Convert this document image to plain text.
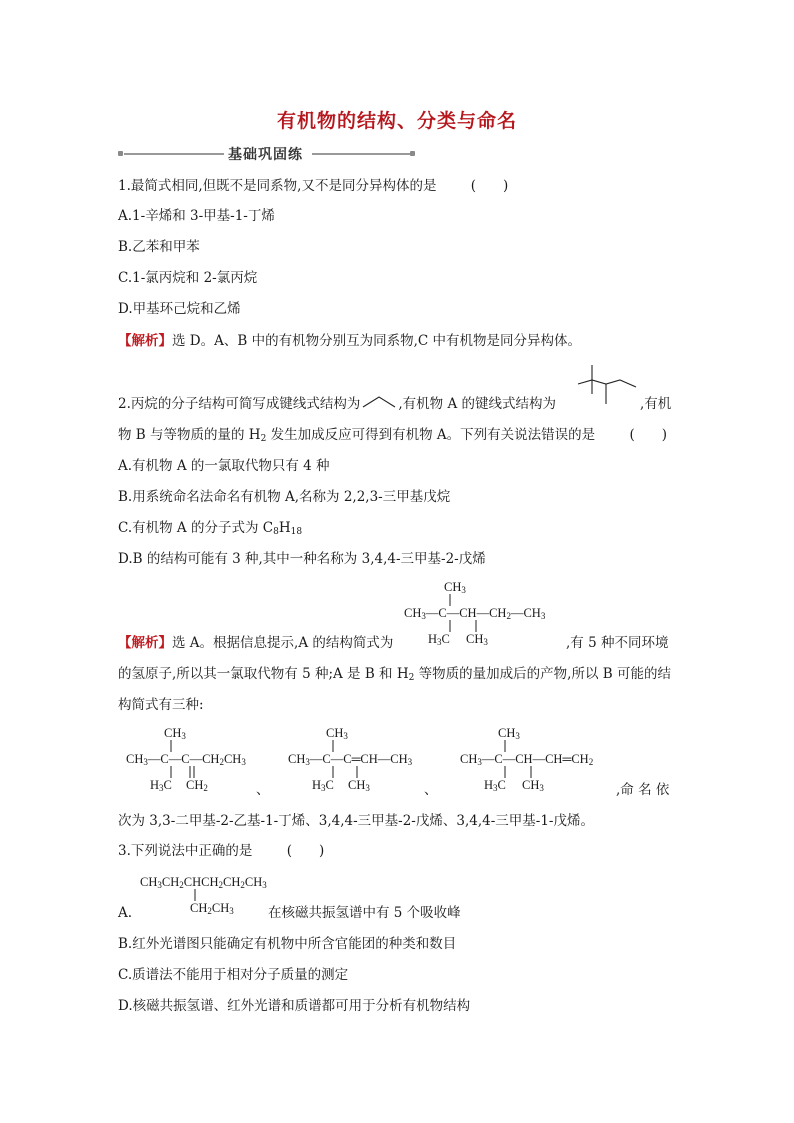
有机物的结构、分类与命名
基础巩固练
1.最简式相同,但既不是同系物,又不是同分异构体的是	(　　)
A.1-辛烯和 3-甲基-1-丁烯
B.乙苯和甲苯
C.1-氯丙烷和 2-氯丙烷
D.甲基环己烷和乙烯
【解析】选 D。A、B 中的有机物分别互为同系物,C 中有机物是同分异构体。
2.丙烷的分子结构可简写成键线式结构为	,有机物 A 的键线式结构为	,有机
物 B 与等物质的量的 $H_2$ 发生加成反应可得到有机物 A。下列有关说法错误的是	(　　)
A.有机物 A 的一氯取代物只有 4 种
B.用系统命名法命名有机物 A,名称为 2,2,3-三甲基戊烷
C.有机物 A 的分子式为 $C_8H_{18}$
D.B 的结构可能有 3 种,其中一种名称为 3,4,4-三甲基-2-戊烯
$CH_3$
$CH_3—C—CH—CH_2—CH_3$
$H_3C$ $CH_3$
【解析】选 A。根据信息提示,A 的结构简式为	,有 5 种不同环境
的氢原子,所以其一氯取代物有 5 种;A 是 B 和 $H_2$ 等物质的量加成后的产物,所以 B 可能的结
构简式有三种:
$CH_3$
$CH_3—C—C—CH_2CH_3$
$H_3C$ $CH_2$	、
$CH_3$
$CH_3—C—C═CH—CH_3$
$H_3C$ $CH_3$	、
$CH_3$
$CH_3—C—CH—CH═CH_2$
$H_3C$ $CH_3$	,命 名 依
次为 3,3-二甲基-2-乙基-1-丁烯、3,4,4-三甲基-2-戊烯、3,4,4-三甲基-1-戊烯。
3.下列说法中正确的是	(　　)
$CH_3CH_2CHCH_2CH_2CH_3$
A.	$CH_2CH_3$	在核磁共振氢谱中有 5 个吸收峰
B.红外光谱图只能确定有机物中所含官能团的种类和数目
C.质谱法不能用于相对分子质量的测定
D.核磁共振氢谱、红外光谱和质谱都可用于分析有机物结构
